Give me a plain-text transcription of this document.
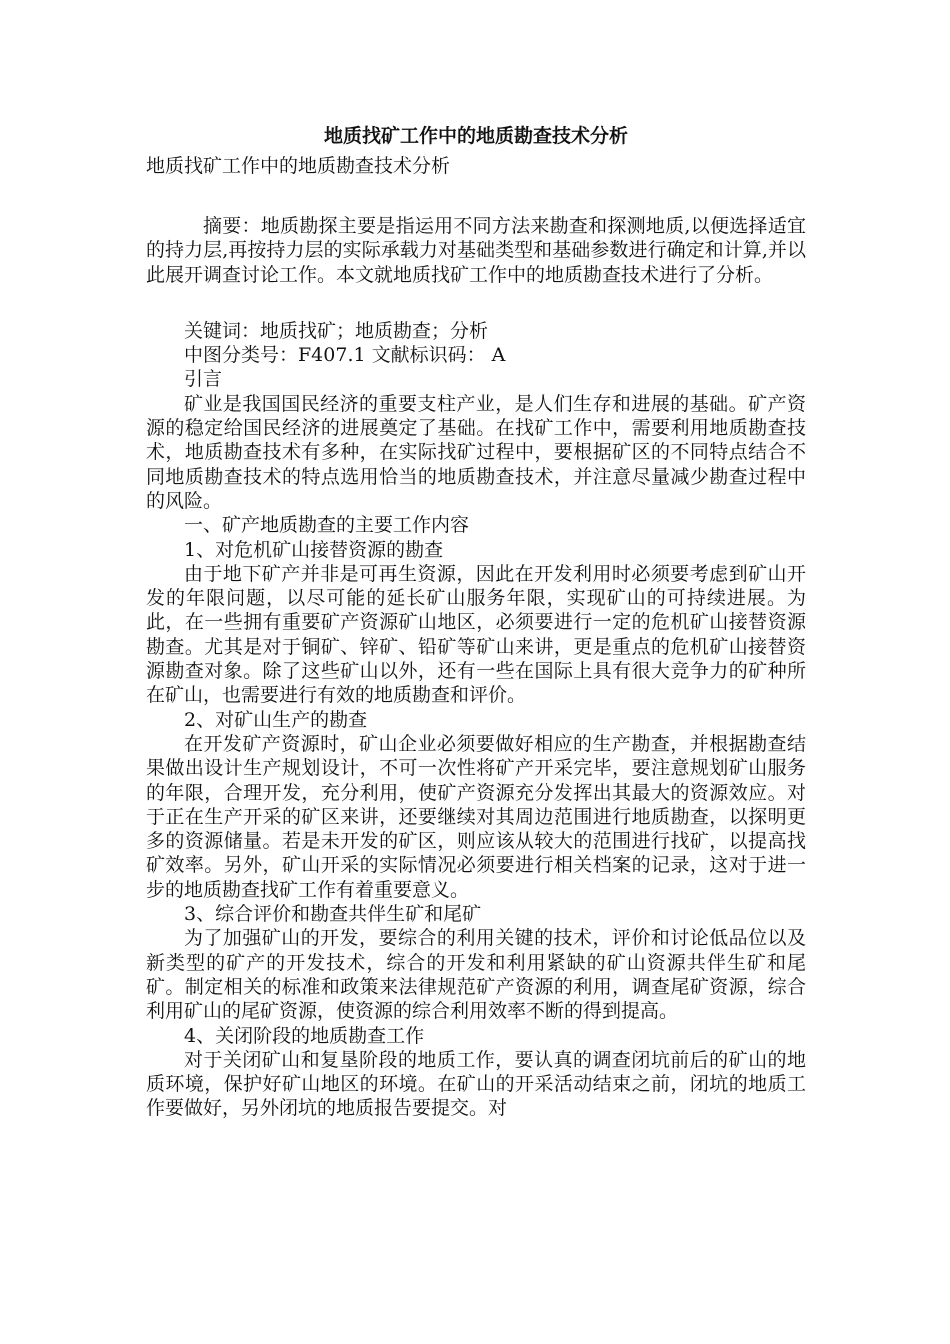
地质找矿工作中的地质勘查技术分析
地质找矿工作中的地质勘查技术分析

摘要：地质勘探主要是指运用不同方法来勘查和探测地质,以便选择适宜的持力层,再按持力层的实际承载力对基础类型和基础参数进行确定和计算,并以此展开调查讨论工作。本文就地质找矿工作中的地质勘查技术进行了分析。

关键词：地质找矿；地质勘查；分析
中图分类号：F407.1 文献标识码： A
引言

矿业是我国国民经济的重要支柱产业，是人们生存和进展的基础。矿产资源的稳定给国民经济的进展奠定了基础。在找矿工作中，需要利用地质勘查技术，地质勘查技术有多种，在实际找矿过程中，要根据矿区的不同特点结合不同地质勘查技术的特点选用恰当的地质勘查技术，并注意尽量减少勘查过程中的风险。

一、矿产地质勘查的主要工作内容
1、对危机矿山接替资源的勘查

由于地下矿产并非是可再生资源，因此在开发利用时必须要考虑到矿山开发的年限问题，以尽可能的延长矿山服务年限，实现矿山的可持续进展。为此，在一些拥有重要矿产资源矿山地区，必须要进行一定的危机矿山接替资源勘查。尤其是对于铜矿、锌矿、铅矿等矿山来讲，更是重点的危机矿山接替资源勘查对象。除了这些矿山以外，还有一些在国际上具有很大竞争力的矿种所在矿山，也需要进行有效的地质勘查和评价。

2、对矿山生产的勘查

在开发矿产资源时，矿山企业必须要做好相应的生产勘查，并根据勘查结果做出设计生产规划设计，不可一次性将矿产开采完毕，要注意规划矿山服务的年限，合理开发，充分利用，使矿产资源充分发挥出其最大的资源效应。对于正在生产开采的矿区来讲，还要继续对其周边范围进行地质勘查，以探明更多的资源储量。若是未开发的矿区，则应该从较大的范围进行找矿，以提高找矿效率。另外，矿山开采的实际情况必须要进行相关档案的记录，这对于进一步的地质勘查找矿工作有着重要意义。

3、综合评价和勘查共伴生矿和尾矿

为了加强矿山的开发，要综合的利用关键的技术，评价和讨论低品位以及新类型的矿产的开发技术，综合的开发和利用紧缺的矿山资源共伴生矿和尾矿。制定相关的标准和政策来法律规范矿产资源的利用，调查尾矿资源，综合利用矿山的尾矿资源，使资源的综合利用效率不断的得到提高。

4、关闭阶段的地质勘查工作

对于关闭矿山和复垦阶段的地质工作，要认真的调查闭坑前后的矿山的地质环境，保护好矿山地区的环境。在矿山的开采活动结束之前，闭坑的地质工作要做好，另外闭坑的地质报告要提交。对
